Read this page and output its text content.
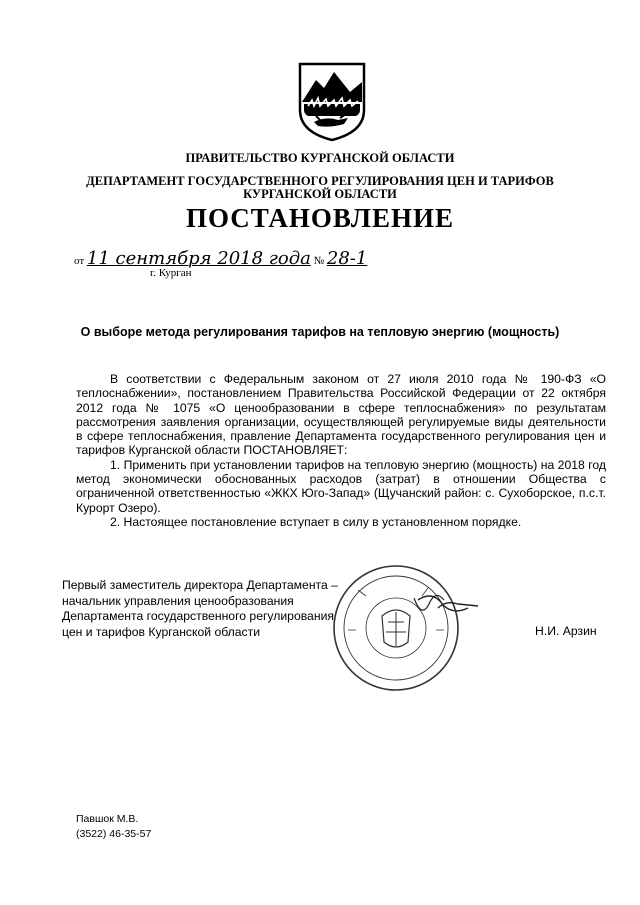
ПРАВИТЕЛЬСТВО КУРГАНСКОЙ ОБЛАСТИ
ДЕПАРТАМЕНТ ГОСУДАРСТВЕННОГО РЕГУЛИРОВАНИЯ ЦЕН И ТАРИФОВ
КУРГАНСКОЙ ОБЛАСТИ
ПОСТАНОВЛЕНИЕ
от 11 сентября 2018 года № 28-1
г. Курган
О выборе метода регулирования тарифов на тепловую энергию (мощность)

В соответствии с Федеральным законом от 27 июля 2010 года № 190-ФЗ «О теплоснабжении», постановлением Правительства Российской Федерации от 22 октября 2012 года № 1075 «О ценообразовании в сфере теплоснабжения» по результатам рассмотрения заявления организации, осуществляющей регулируемые виды деятельности в сфере теплоснабжения, правление Департамента государственного регулирования цен и тарифов Курганской области ПОСТАНОВЛЯЕТ:

1. Применить при установлении тарифов на тепловую энергию (мощность) на 2018 год метод экономически обоснованных расходов (затрат) в отношении Общества с ограниченной ответственностью «ЖКХ Юго-Запад» (Щучанский район: с. Сухоборское, п.с.т. Курорт Озеро).

2. Настоящее постановление вступает в силу в установленном порядке.

Первый заместитель директора Департамента –
начальник управления ценообразования
Департамента государственного регулирования
цен и тарифов Курганской области	Н.И. Арзин
Павшок М.В.
(3522) 46-35-57
